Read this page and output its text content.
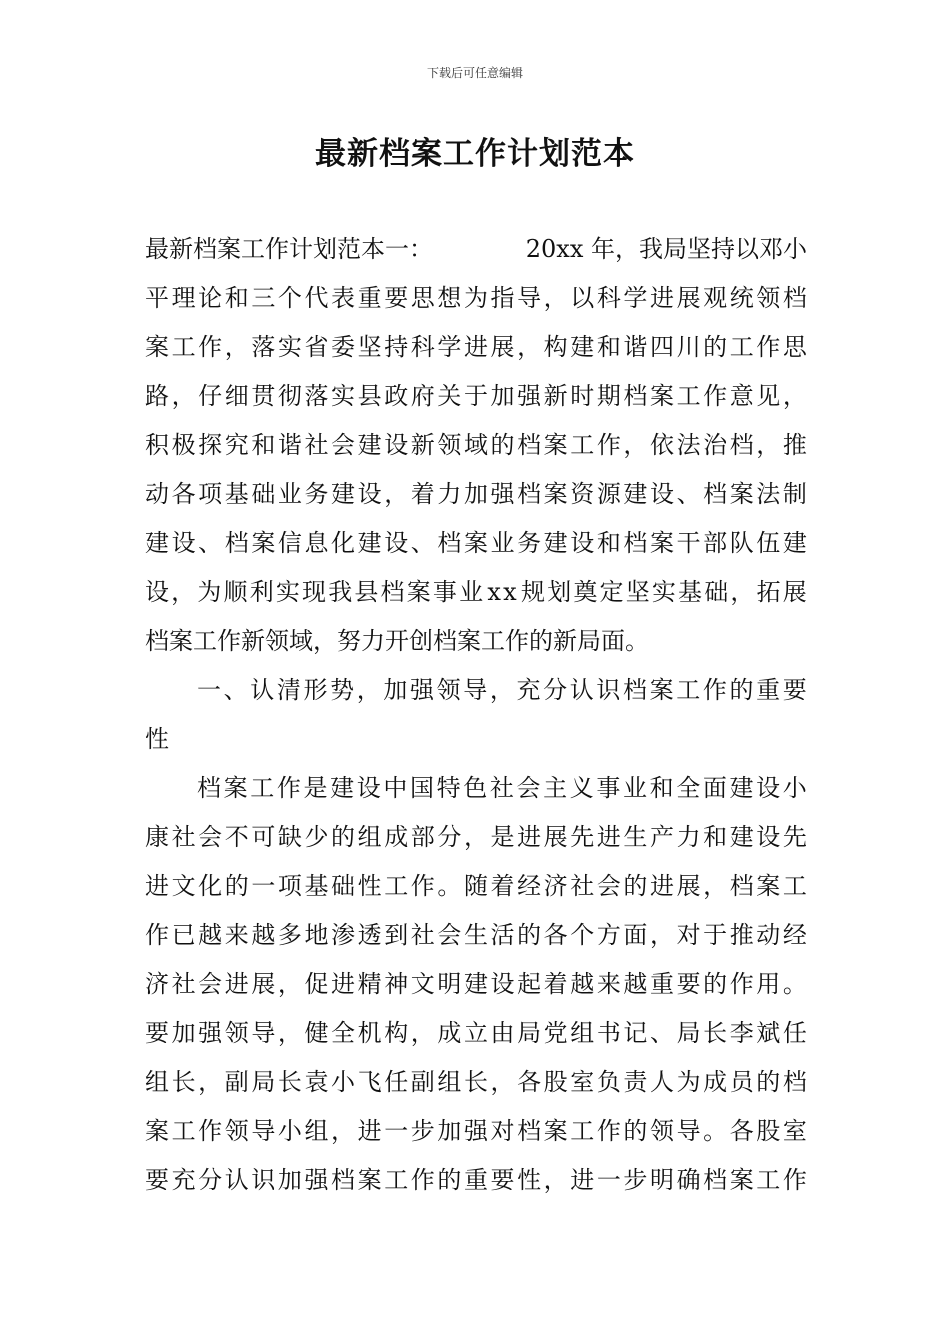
下载后可任意编辑
最新档案工作计划范本
最新档案工作计划范本一：	20xx 年，我局坚持以邓小
平 理 论 和 三 个 代 表 重 要 思 想 为 指 导 ， 以 科 学 进 展 观 统 领 档
案 工 作 ， 落 实 省 委 坚 持 科 学 进 展 ， 构 建 和 谐 四 川 的 工 作 思
路 ， 仔 细 贯 彻 落 实 县 政 府 关 于 加 强 新 时 期 档 案 工 作 意 见 ，
积 极 探 究 和 谐 社 会 建 设 新 领 域 的 档 案 工 作 ， 依 法 治 档 ， 推
动 各 项 基 础 业 务 建 设 ， 着 力 加 强 档 案 资 源 建 设 、 档 案 法 制
建 设 、 档 案 信 息 化 建 设 、 档 案 业 务 建 设 和 档 案 干 部 队 伍 建
设 ， 为 顺 利 实 现 我 县 档 案 事 业 x x 规 划 奠 定 坚 实 基 础 ， 拓 展
档案工作新领域，努力开创档案工作的新局面。
一 、 认 清 形 势 ， 加 强 领 导 ， 充 分 认 识 档 案 工 作 的 重 要
性
档 案 工 作 是 建 设 中 国 特 色 社 会 主 义 事 业 和 全 面 建 设 小
康 社 会 不 可 缺 少 的 组 成 部 分 ， 是 进 展 先 进 生 产 力 和 建 设 先
进 文 化 的 一 项 基 础 性 工 作 。 随 着 经 济 社 会 的 进 展 ， 档 案 工
作 已 越 来 越 多 地 渗 透 到 社 会 生 活 的 各 个 方 面 ， 对 于 推 动 经
济 社 会 进 展 ， 促 进 精 神 文 明 建 设 起 着 越 来 越 重 要 的 作 用 。
要 加 强 领 导 ， 健 全 机 构 ， 成 立 由 局 党 组 书 记 、 局 长 李 斌 任
组 长 ， 副 局 长 袁 小 飞 任 副 组 长 ， 各 股 室 负 责 人 为 成 员 的 档
案 工 作 领 导 小 组 ， 进 一 步 加 强 对 档 案 工 作 的 领 导 。 各 股 室
要 充 分 认 识 加 强 档 案 工 作 的 重 要 性 ， 进 一 步 明 确 档 案 工 作
